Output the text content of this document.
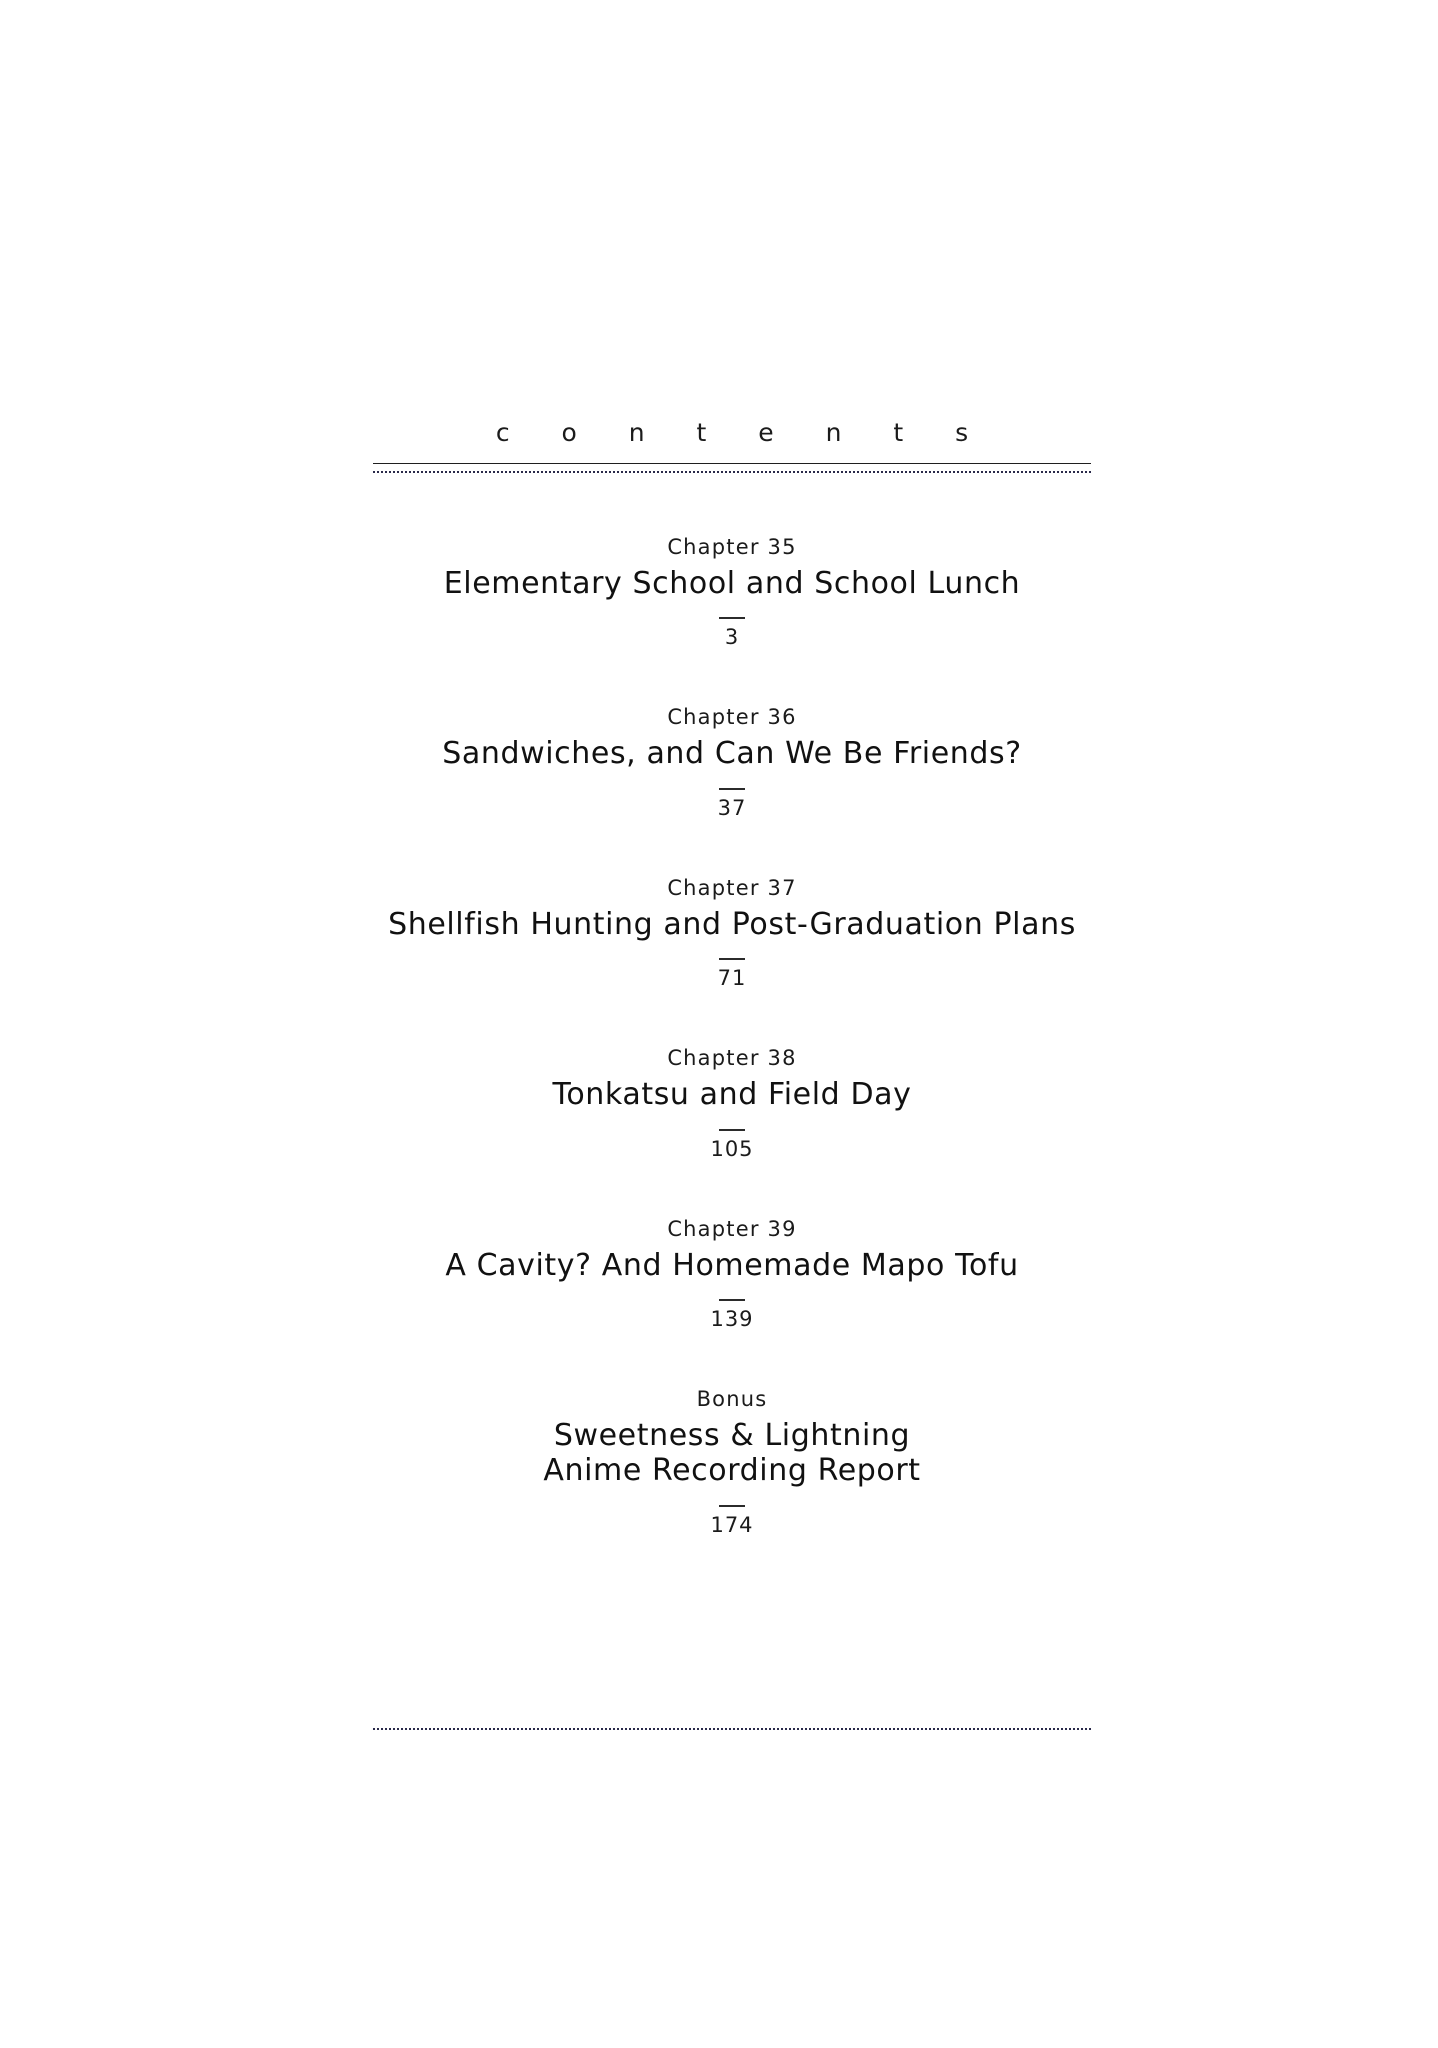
c o n t e n t s
Chapter 35
Elementary School and School Lunch
3
Chapter 36
Sandwiches, and Can We Be Friends?
37
Chapter 37
Shellfish Hunting and Post-Graduation Plans
71
Chapter 38
Tonkatsu and Field Day
105
Chapter 39
A Cavity? And Homemade Mapo Tofu
139
Bonus
Sweetness & Lightning
Anime Recording Report
174
